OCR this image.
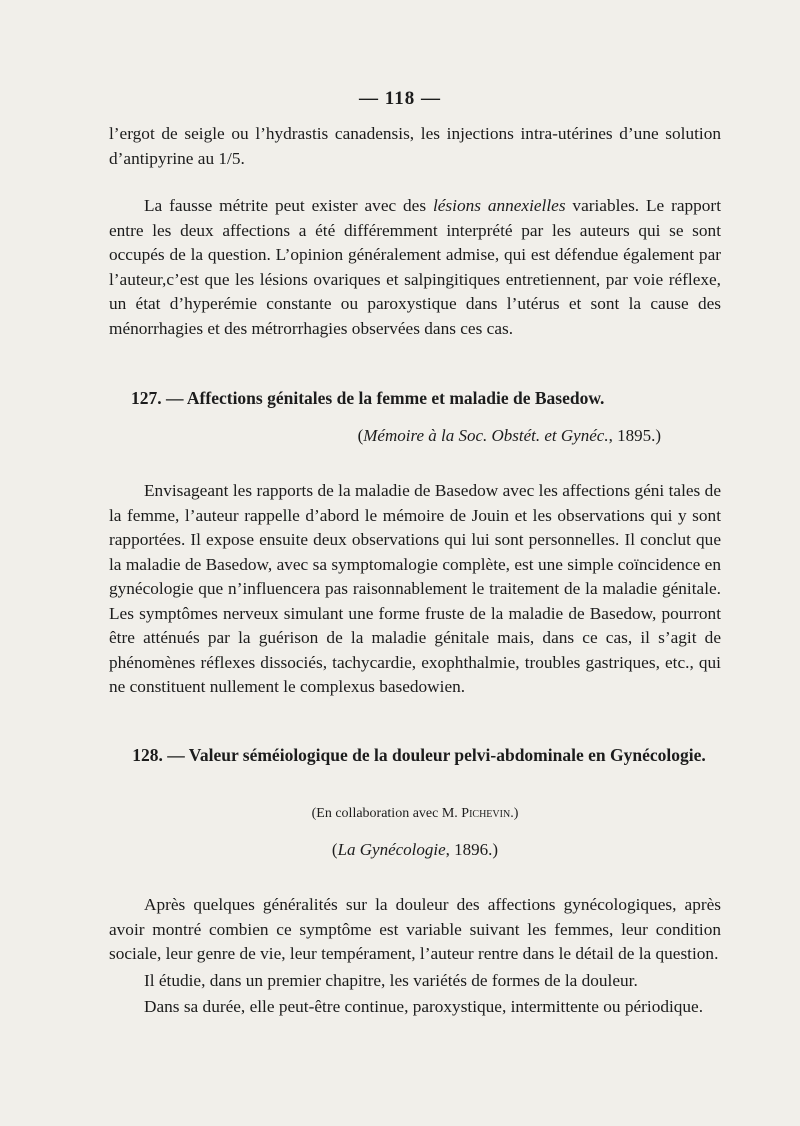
— 118 —

l’ergot de seigle ou l’hydrastis canadensis, les injections intra-utérines d’une solution d’antipyrine au 1/5.

La fausse métrite peut exister avec des lésions annexielles variables. Le rapport entre les deux affections a été différemment interprété par les auteurs qui se sont occupés de la question. L’opinion généralement admise, qui est défendue également par l’auteur,c’est que les lésions ovariques et salpingitiques entretiennent, par voie réflexe, un état d’hyperémie constante ou paroxystique dans l’utérus et sont la cause des ménorrhagies et des métrorrhagies observées dans ces cas.

127. — Affections génitales de la femme et maladie de Basedow.

(Mémoire à la Soc. Obstét. et Gynéc., 1895.)

Envisageant les rapports de la maladie de Basedow avec les affections géni tales de la femme, l’auteur rappelle d’abord le mémoire de Jouin et les observations qui y sont rapportées. Il expose ensuite deux observations qui lui sont personnelles. Il conclut que la maladie de Basedow, avec sa symptomalogie complète, est une simple coïncidence en gynécologie que n’influencera pas raisonnablement le traitement de la maladie génitale. Les symptômes nerveux simulant une forme fruste de la maladie de Basedow, pourront être atténués par la guérison de la maladie génitale mais, dans ce cas, il s’agit de phénomènes réflexes dissociés, tachycardie, exophthalmie, troubles gastriques, etc., qui ne constituent nullement le complexus basedowien.

128. — Valeur séméiologique de la douleur pelvi-abdominale en Gynécologie.

(En collaboration avec M. Pichevin.)

(La Gynécologie, 1896.)

Après quelques généralités sur la douleur des affections gynécologiques, après avoir montré combien ce symptôme est variable suivant les femmes, leur condition sociale, leur genre de vie, leur tempérament, l’auteur rentre dans le détail de la question.

Il étudie, dans un premier chapitre, les variétés de formes de la douleur.

Dans sa durée, elle peut-être continue, paroxystique, intermittente ou périodique.
